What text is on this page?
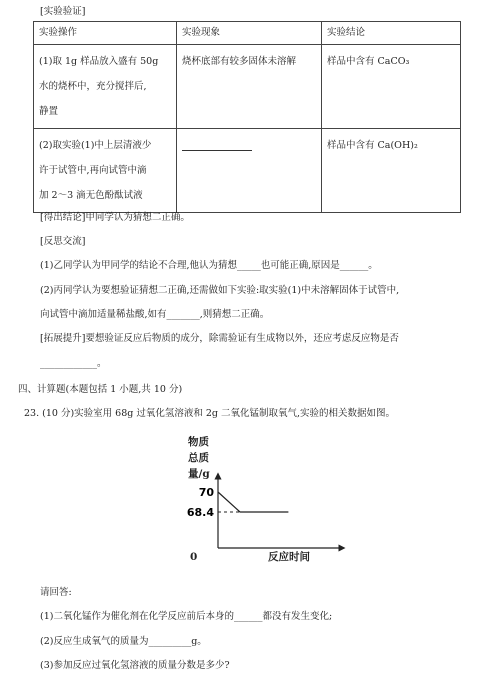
[实验验证]
实验操作	实验现象	实验结论

(1)取 1g 样品放入盛有 50g
水的烧杯中，充分搅拌后,
静置	烧杯底部有较多固体未溶解	样品中含有 CaCO₃

(2)取实验(1)中上层清液少
许于试管中,再向试管中滴
加 2～3 滴无色酚酞试液		样品中含有 Ca(OH)₂
[得出结论]甲同学认为猜想二正确。
[反思交流]
(1)乙同学认为甲同学的结论不合理,他认为猜想_____也可能正确,原因是______。
(2)丙同学认为要想验证猜想二正确,还需做如下实验:取实验(1)中未溶解固体于试管中,
向试管中滴加适量稀盐酸,如有_______,则猜想二正确。
[拓展提升]要想验证反应后物质的成分，除需验证有生成物以外，还应考虑反应物是否
____________。
四、计算题(本题包括 1 小题,共 10 分)
23. (10 分)实验室用 68g 过氧化氢溶液和 2g 二氧化锰制取氧气,实验的相关数据如图。
物质
总质
量/g
70
68.4
0	反应时间
请回答:
(1)二氧化锰作为催化剂在化学反应前后本身的______都没有发生变化;
(2)反应生成氧气的质量为_________g。
(3)参加反应过氧化氢溶液的质量分数是多少?
